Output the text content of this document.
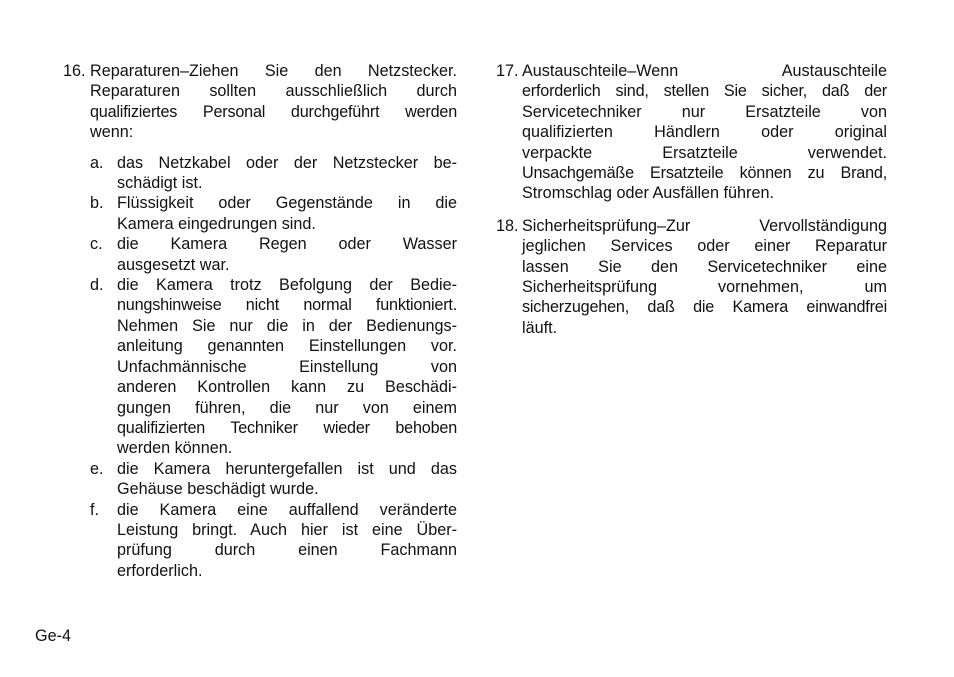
16. Reparaturen–Ziehen Sie den Netzstecker.
Reparaturen sollten ausschließlich durch
qualifiziertes Personal durchgeführt werden
wenn:
a. das Netzkabel oder der Netzstecker be-
schädigt ist.
b. Flüssigkeit oder Gegenstände in die
Kamera eingedrungen sind.
c. die Kamera Regen oder Wasser
ausgesetzt war.
d. die Kamera trotz Befolgung der Bedie-
nungshinweise nicht normal funktioniert.
Nehmen Sie nur die in der Bedienungs-
anleitung genannten Einstellungen vor.
Unfachmännische Einstellung von
anderen Kontrollen kann zu Beschädi-
gungen führen, die nur von einem
qualifizierten Techniker wieder behoben
werden können.
e. die Kamera heruntergefallen ist und das
Gehäuse beschädigt wurde.
f.	die Kamera eine auffallend veränderte
Leistung bringt. Auch hier ist eine Über-
prüfung durch einen Fachmann
erforderlich.
17. Austauschteile–Wenn Austauschteile
erforderlich sind, stellen Sie sicher, daß der
Servicetechniker nur Ersatzteile von
qualifizierten Händlern oder original
verpackte Ersatzteile verwendet.
Unsachgemäße Ersatzteile können zu Brand,
Stromschlag oder Ausfällen führen.
18. Sicherheitsprüfung–Zur Vervollständigung
jeglichen Services oder einer Reparatur
lassen Sie den Servicetechniker eine
Sicherheitsprüfung vornehmen, um
sicherzugehen, daß die Kamera einwandfrei
läuft.
Ge-4
